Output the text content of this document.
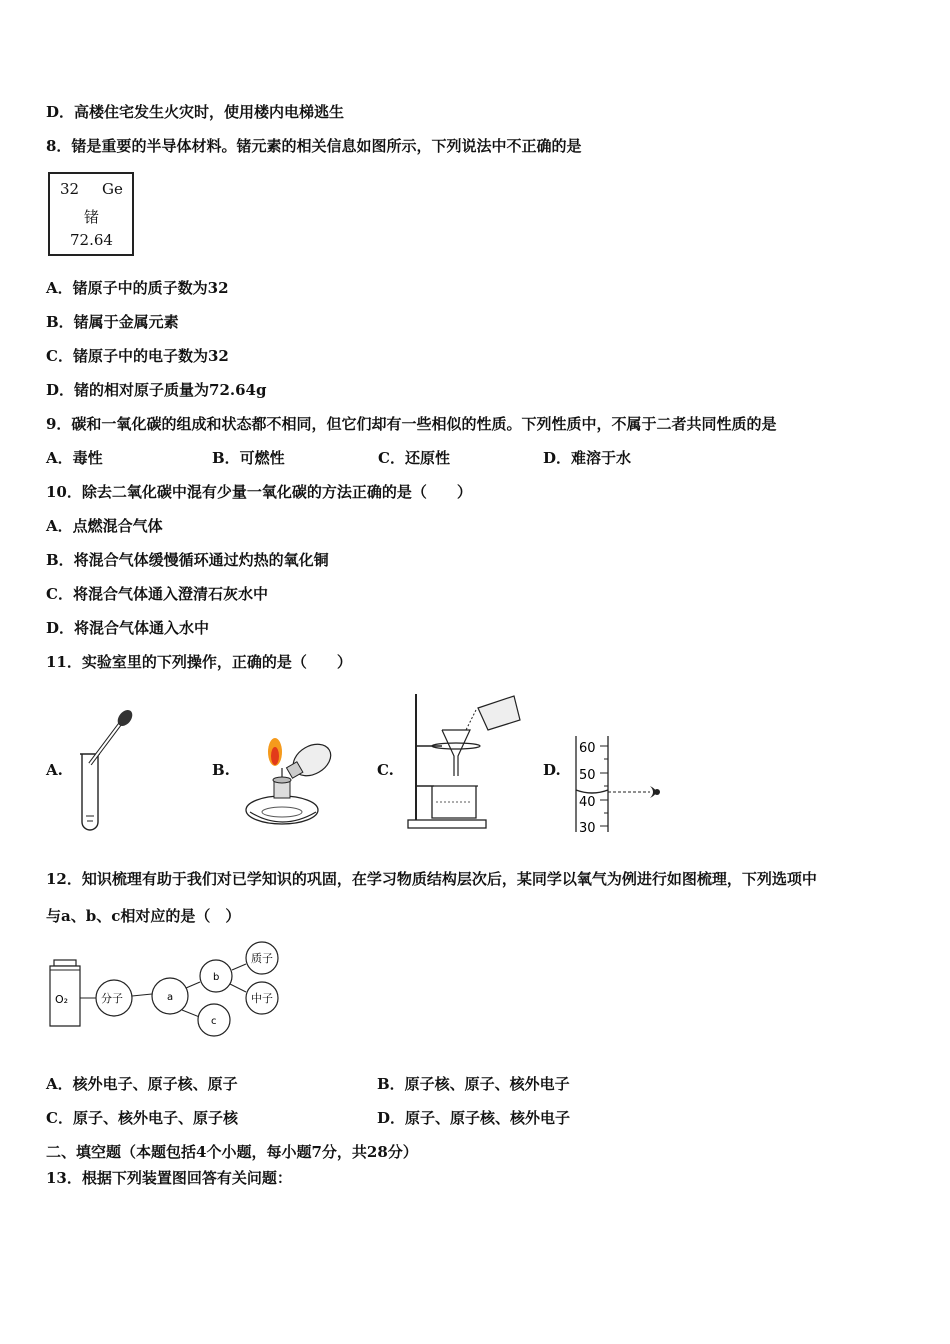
D．高楼住宅发生火灾时，使用楼内电梯逃生
8．锗是重要的半导体材料。锗元素的相关信息如图所示，下列说法中不正确的是
32 Ge
锗
72.64
A．锗原子中的质子数为32
B．锗属于金属元素
C．锗原子中的电子数为32
D．锗的相对原子质量为72.64g
9．碳和一氧化碳的组成和状态都不相同，但它们却有一些相似的性质。下列性质中，不属于二者共同性质的是
A．毒性	B．可燃性	C．还原性	D．难溶于水
10．除去二氧化碳中混有少量一氧化碳的方法正确的是（　　）
A．点燃混合气体
B．将混合气体缓慢循环通过灼热的氧化铜
C．将混合气体通入澄清石灰水中
D．将混合气体通入水中
11．实验室里的下列操作，正确的是（　　）
A.	B.	C.	D.
60
50
40
30
12．知识梳理有助于我们对已学知识的巩固，在学习物质结构层次后，某同学以氧气为例进行如图梳理，下列选项中
与a、b、c相对应的是（　）
O₂	分子	a
b
c
质子
中子
A．核外电子、原子核、原子	B．原子核、原子、核外电子
C．原子、核外电子、原子核	D．原子、原子核、核外电子
二、填空题（本题包括4个小题，每小题7分，共28分）
13．根据下列装置图回答有关问题：
